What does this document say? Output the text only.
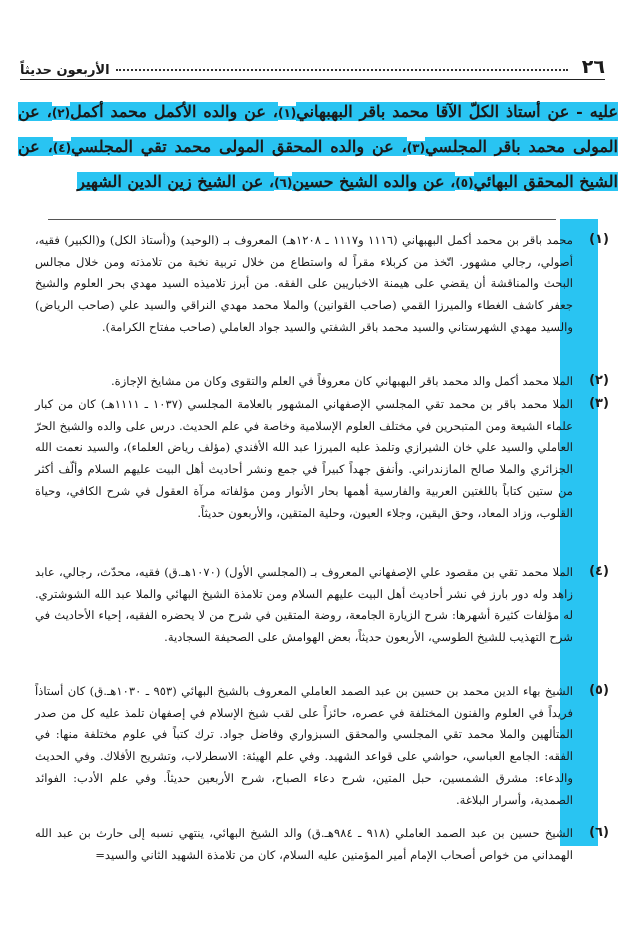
٢٦
الأربعون حديثاً
عليه - عن أستاذ الكلّ الآقا محمد باقر البهبهاني(١)، عن والده الأكمل محمد أكمل(٢)، عن المولى محمد باقر المجلسي(٣)، عن والده المحقق المولى محمد تقي المجلسي(٤)، عن الشيخ المحقق البهائي(٥)، عن والده الشيخ حسين(٦)، عن الشيخ زين الدين الشهير
(١)
محمد باقر بن محمد أكمل البهبهاني (١١١٦ و١١١٧ ـ ١٢٠٨هـ) المعروف بـ (الوحيد) و(أستاذ الكل) و(الكبير) فقيه، أصولي، رجالي مشهور. اتّخذ من كربلاء مقراً له واستطاع من خلال تربية نخبة من تلامذته ومن خلال مجالس البحث والمناقشة أن يقضي على هيمنة الاخباريين على الفقه. من أبرز تلاميذه السيد مهدي بحر العلوم والشيخ جعفر كاشف الغطاء والميرزا القمي (صاحب القوانين) والملا محمد مهدي النراقي والسيد علي (صاحب الرياض) والسيد مهدي الشهرستاني والسيد محمد باقر الشفتي والسيد جواد العاملي (صاحب مفتاح الكرامة).
(٢)
الملا محمد أكمل والد محمد باقر البهبهاني كان معروفاً في العلم والتقوى وكان من مشايخ الإجازة.
(٣)
الملا محمد باقر بن محمد تقي المجلسي الإصفهاني المشهور بالعلامة المجلسي (١٠٣٧ ـ ١١١١هـ) كان من كبار علماء الشيعة ومن المتبحرين في مختلف العلوم الإسلامية وخاصة في علم الحديث. درس على والده والشيخ الحرّ العاملي والسيد علي خان الشيرازي وتلمذ عليه الميرزا عبد الله الأفندي (مؤلف رياض العلماء)، والسيد نعمت الله الجزائري والملا صالح المازندراني. وأنفق جهداً كبيراً في جمع ونشر أحاديث أهل البيت عليهم السلام وألّف أكثر من ستين كتاباً باللغتين العربية والفارسية أهمها بحار الأنوار ومن مؤلفاته مرآة العقول في شرح الكافي، وحياة القلوب، وزاد المعاد، وحق اليقين، وجلاء العيون، وحلية المتقين، والأربعون حديثاً.
(٤)
الملا محمد تقي بن مقصود علي الإصفهاني المعروف بـ (المجلسي الأول) (١٠٧٠هـ.ق) فقيه، محدّث، رجالي، عابد زاهد وله دور بارز في نشر أحاديث أهل البيت عليهم السلام ومن تلامذة الشيخ البهائي والملا عبد الله الشوشتري. له مؤلفات كثيرة أشهرها: شرح الزيارة الجامعة، روضة المتقين في شرح من لا يحضره الفقيه، إحياء الأحاديث في شرح التهذيب للشيخ الطوسي، الأربعون حديثاً، بعض الهوامش على الصحيفة السجادية.
(٥)
الشيخ بهاء الدين محمد بن حسين بن عبد الصمد العاملي المعروف بالشيخ البهائي (٩٥٣ ـ ١٠٣٠هـ.ق) كان أستاذاً فريداً في العلوم والفنون المختلفة في عصره، حائزاً على لقب شيخ الإسلام في إصفهان تلمذ عليه كل من صدر المتألهين والملا محمد تقي المجلسي والمحقق السبزواري وفاضل جواد. ترك كتباً في علوم مختلفة منها: في الفقه: الجامع العباسي، حواشي على قواعد الشهيد. وفي علم الهيئة: الاسطرلاب، وتشريح الأفلاك. وفي الحديث والدعاء: مشرق الشمسين، حبل المتين، شرح دعاء الصباح، شرح الأربعين حديثاً. وفي علم الأدب: الفوائد الصمدية، وأسرار البلاغة.
(٦)
الشيخ حسين بن عبد الصمد العاملي (٩١٨ ـ ٩٨٤هـ.ق) والد الشيخ البهائي، ينتهي نسبه إلى حارث بن عبد الله الهمداني من خواص أصحاب الإمام أمير المؤمنين عليه السلام، كان من تلامذة الشهيد الثاني والسيد=
